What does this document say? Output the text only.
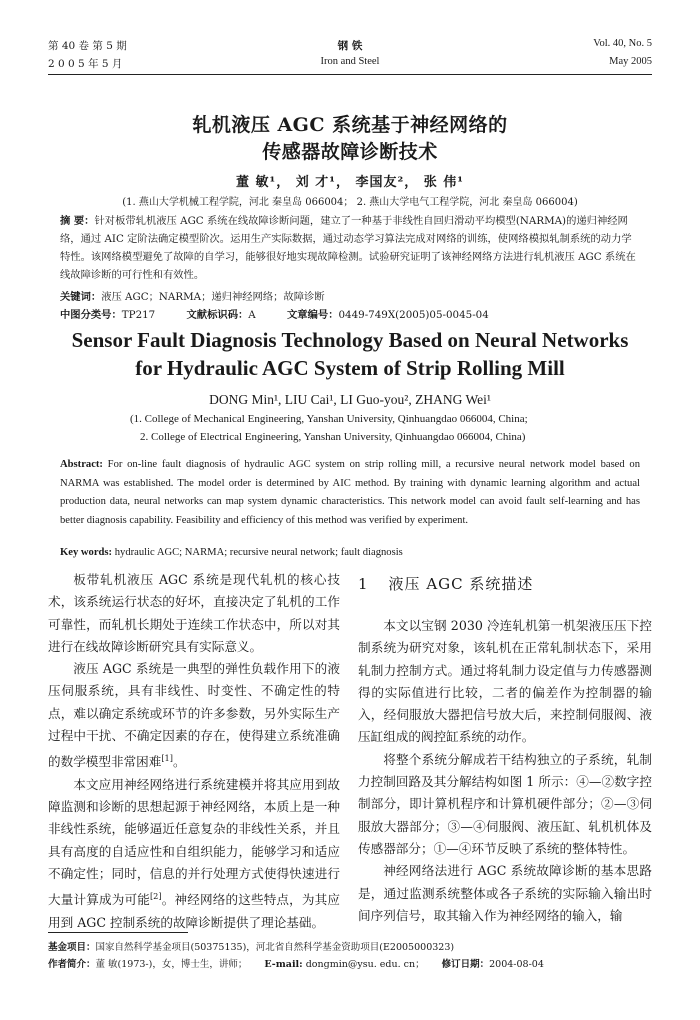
第 40 卷 第 5 期
2 0 0 5 年 5 月
钢 铁
Iron and Steel
Vol. 40, No. 5
May 2005
轧机液压 AGC 系统基于神经网络的
传感器故障诊断技术
董 敏¹， 刘 才¹， 李国友²， 张 伟¹
(1. 燕山大学机械工程学院，河北 秦皇岛 066004； 2. 燕山大学电气工程学院，河北 秦皇岛 066004)
摘 要：针对板带轧机液压 AGC 系统在线故障诊断问题，建立了一种基于非线性自回归滑动平均模型(NARMA)的递归神经网络，通过 AIC 定阶法确定模型阶次。运用生产实际数据，通过动态学习算法完成对网络的训练，使网络模拟轧制系统的动力学特性。该网络模型避免了故障的自学习，能够很好地实现故障检测。试验研究证明了该神经网络方法进行轧机液压 AGC 系统在线故障诊断的可行性和有效性。
关键词：液压 AGC；NARMA；递归神经网络；故障诊断
中图分类号：TP217	文献标识码：A	文章编号：0449-749X(2005)05-0045-04
Sensor Fault Diagnosis Technology Based on Neural Networks
for Hydraulic AGC System of Strip Rolling Mill
DONG Min¹, LIU Cai¹, LI Guo-you², ZHANG Wei¹
(1. College of Mechanical Engineering, Yanshan University, Qinhuangdao 066004, China;
2. College of Electrical Engineering, Yanshan University, Qinhuangdao 066004, China)
Abstract: For on-line fault diagnosis of hydraulic AGC system on strip rolling mill, a recursive neural network model based on NARMA was established. The model order is determined by AIC method. By training with dynamic learning algorithm and actual production data, neural networks can map system dynamic characteristics. This network model can avoid fault self-learning and has better diagnosis capability. Feasibility and efficiency of this method was verified by experiment.
Key words: hydraulic AGC; NARMA; recursive neural network; fault diagnosis

板带轧机液压 AGC 系统是现代轧机的核心技术，该系统运行状态的好坏，直接决定了轧机的工作可靠性，而轧机长期处于连续工作状态中，所以对其进行在线故障诊断研究具有实际意义。

液压 AGC 系统是一典型的弹性负载作用下的液压伺服系统，具有非线性、时变性、不确定性的特点，难以确定系统或环节的许多参数，另外实际生产过程中干扰、不确定因素的存在，使得建立系统准确的数学模型非常困难[1]。

本文应用神经网络进行系统建模并将其应用到故障监测和诊断的思想起源于神经网络，本质上是一种非线性系统，能够逼近任意复杂的非线性关系，并且具有高度的自适应性和自组织能力，能够学习和适应不确定性；同时，信息的并行处理方式使得快速进行大量计算成为可能[2]。神经网络的这些特点，为其应用到 AGC 控制系统的故障诊断提供了理论基础。

1 液压 AGC 系统描述

本文以宝钢 2030 冷连轧机第一机架液压压下控制系统为研究对象，该轧机在正常轧制状态下，采用轧制力控制方式。通过将轧制力设定值与力传感器测得的实际值进行比较，二者的偏差作为控制器的输入，经伺服放大器把信号放大后，来控制伺服阀、液压缸组成的阀控缸系统的动作。

将整个系统分解成若干结构独立的子系统，轧制力控制回路及其分解结构如图 1 所示：④—②数字控制部分，即计算机程序和计算机硬件部分；②—③伺服放大器部分；③—④伺服阀、液压缸、轧机机体及传感器部分；①—④环节反映了系统的整体特性。

神经网络法进行 AGC 系统故障诊断的基本思路是，通过监测系统整体或各子系统的实际输入输出时间序列信号，取其输入作为神经网络的输入，输

基金项目：国家自然科学基金项目(50375135)，河北省自然科学基金资助项目(E2005000323)
作者简介：董 敏(1973-)，女，博士生，讲师； E-mail: dongmin@ysu. edu. cn； 修订日期：2004-08-04
